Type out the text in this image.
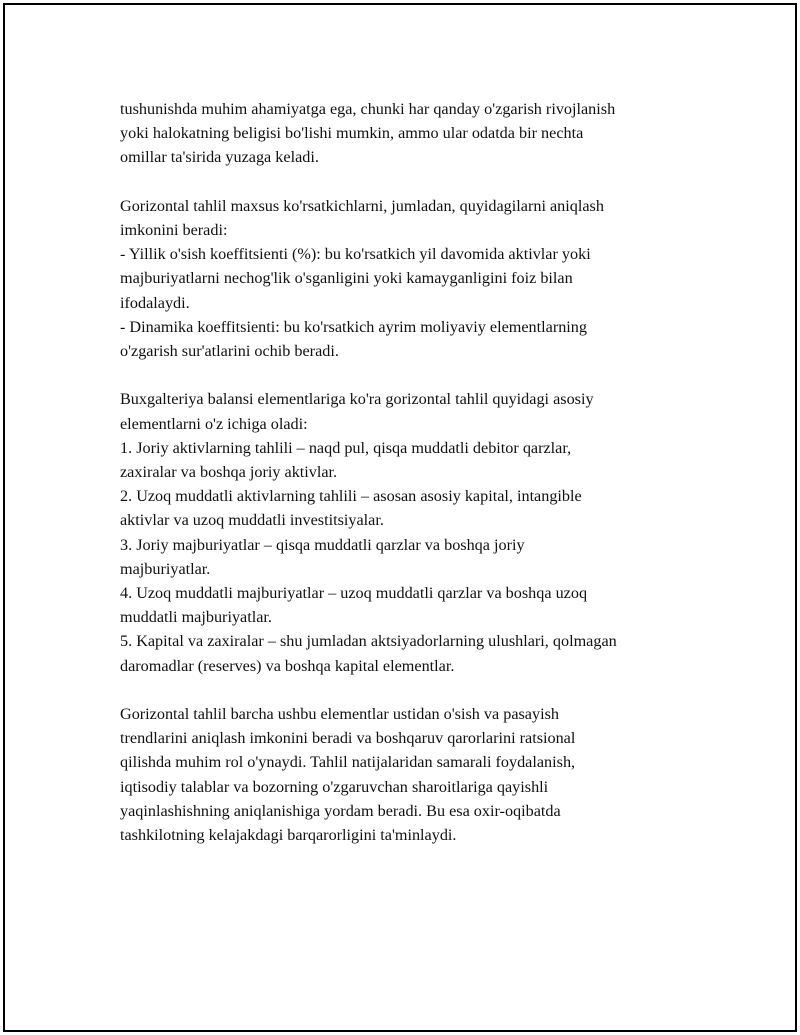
tushunishda muhim ahamiyatga ega, chunki har qanday o'zgarish rivojlanish
yoki halokatning beligisi bo'lishi mumkin, ammo ular odatda bir nechta
omillar ta'sirida yuzaga keladi.

Gorizontal tahlil maxsus ko'rsatkichlarni, jumladan, quyidagilarni aniqlash
imkonini beradi:
- Yillik o'sish koeffitsienti (%): bu ko'rsatkich yil davomida aktivlar yoki
majburiyatlarni nechog'lik o'sganligini yoki kamayganligini foiz bilan
ifodalaydi.
- Dinamika koeffitsienti: bu ko'rsatkich ayrim moliyaviy elementlarning
o'zgarish sur'atlarini ochib beradi.

Buxgalteriya balansi elementlariga ko'ra gorizontal tahlil quyidagi asosiy
elementlarni o'z ichiga oladi:
1. Joriy aktivlarning tahlili – naqd pul, qisqa muddatli debitor qarzlar,
zaxiralar va boshqa joriy aktivlar.
2. Uzoq muddatli aktivlarning tahlili – asosan asosiy kapital, intangible
aktivlar va uzoq muddatli investitsiyalar.
3. Joriy majburiyatlar – qisqa muddatli qarzlar va boshqa joriy
majburiyatlar.
4. Uzoq muddatli majburiyatlar – uzoq muddatli qarzlar va boshqa uzoq
muddatli majburiyatlar.
5. Kapital va zaxiralar – shu jumladan aktsiyadorlarning ulushlari, qolmagan
daromadlar (reserves) va boshqa kapital elementlar.

Gorizontal tahlil barcha ushbu elementlar ustidan o'sish va pasayish
trendlarini aniqlash imkonini beradi va boshqaruv qarorlarini ratsional
qilishda muhim rol o'ynaydi. Tahlil natijalaridan samarali foydalanish,
iqtisodiy talablar va bozorning o'zgaruvchan sharoitlariga qayishli
yaqinlashishning aniqlanishiga yordam beradi. Bu esa oxir-oqibatda
tashkilotning kelajakdagi barqarorligini ta'minlaydi.
